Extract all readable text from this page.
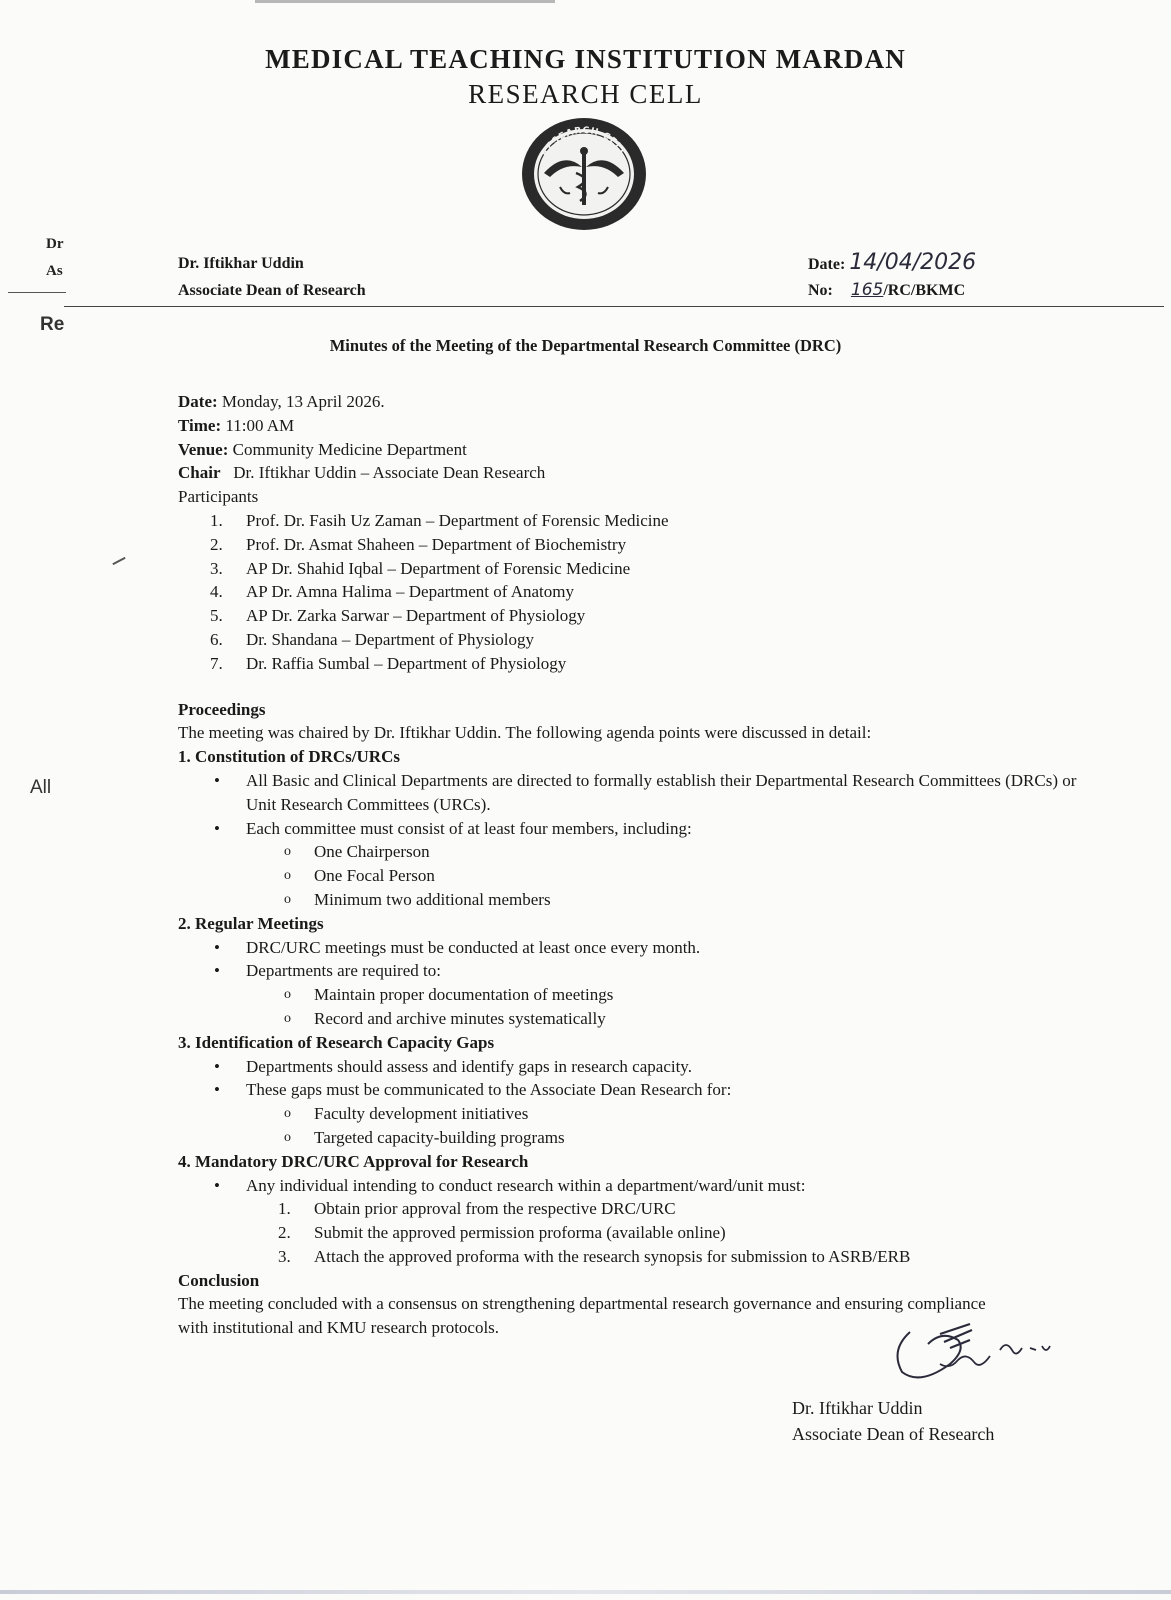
Dr
As
Re
All
MEDICAL TEACHING INSTITUTION MARDAN
RESEARCH CELL
RESEARCH CELL
Dr. Iftikhar Uddin
Associate Dean of Research
Date: 14/04/2026
No: 165/RC/BKMC
Minutes of the Meeting of the Departmental Research Committee (DRC)

Date: Monday, 13 April 2026.

Time: 11:00 AM

Venue: Community Medicine Department

Chair Dr. Iftikhar Uddin – Associate Dean Research

Participants

1. Prof. Dr. Fasih Uz Zaman – Department of Forensic Medicine
2. Prof. Dr. Asmat Shaheen – Department of Biochemistry
3. AP Dr. Shahid Iqbal – Department of Forensic Medicine
4. AP Dr. Amna Halima – Department of Anatomy
5. AP Dr. Zarka Sarwar – Department of Physiology
6. Dr. Shandana – Department of Physiology
7. Dr. Raffia Sumbal – Department of Physiology

Proceedings

The meeting was chaired by Dr. Iftikhar Uddin. The following agenda points were discussed in detail:

1. Constitution of DRCs/URCs

• All Basic and Clinical Departments are directed to formally establish their Departmental Research Committees (DRCs) or Unit Research Committees (URCs).
• Each committee must consist of at least four members, including:
o One Chairperson
o One Focal Person
o Minimum two additional members

2. Regular Meetings

• DRC/URC meetings must be conducted at least once every month.
• Departments are required to:
o Maintain proper documentation of meetings
o Record and archive minutes systematically

3. Identification of Research Capacity Gaps

• Departments should assess and identify gaps in research capacity.
• These gaps must be communicated to the Associate Dean Research for:
o Faculty development initiatives
o Targeted capacity-building programs

4. Mandatory DRC/URC Approval for Research

• Any individual intending to conduct research within a department/ward/unit must:
1. Obtain prior approval from the respective DRC/URC
2. Submit the approved permission proforma (available online)
3. Attach the approved proforma with the research synopsis for submission to ASRB/ERB

Conclusion

The meeting concluded with a consensus on strengthening departmental research governance and ensuring compliance with institutional and KMU research protocols.

Dr. Iftikhar Uddin
Associate Dean of Research
